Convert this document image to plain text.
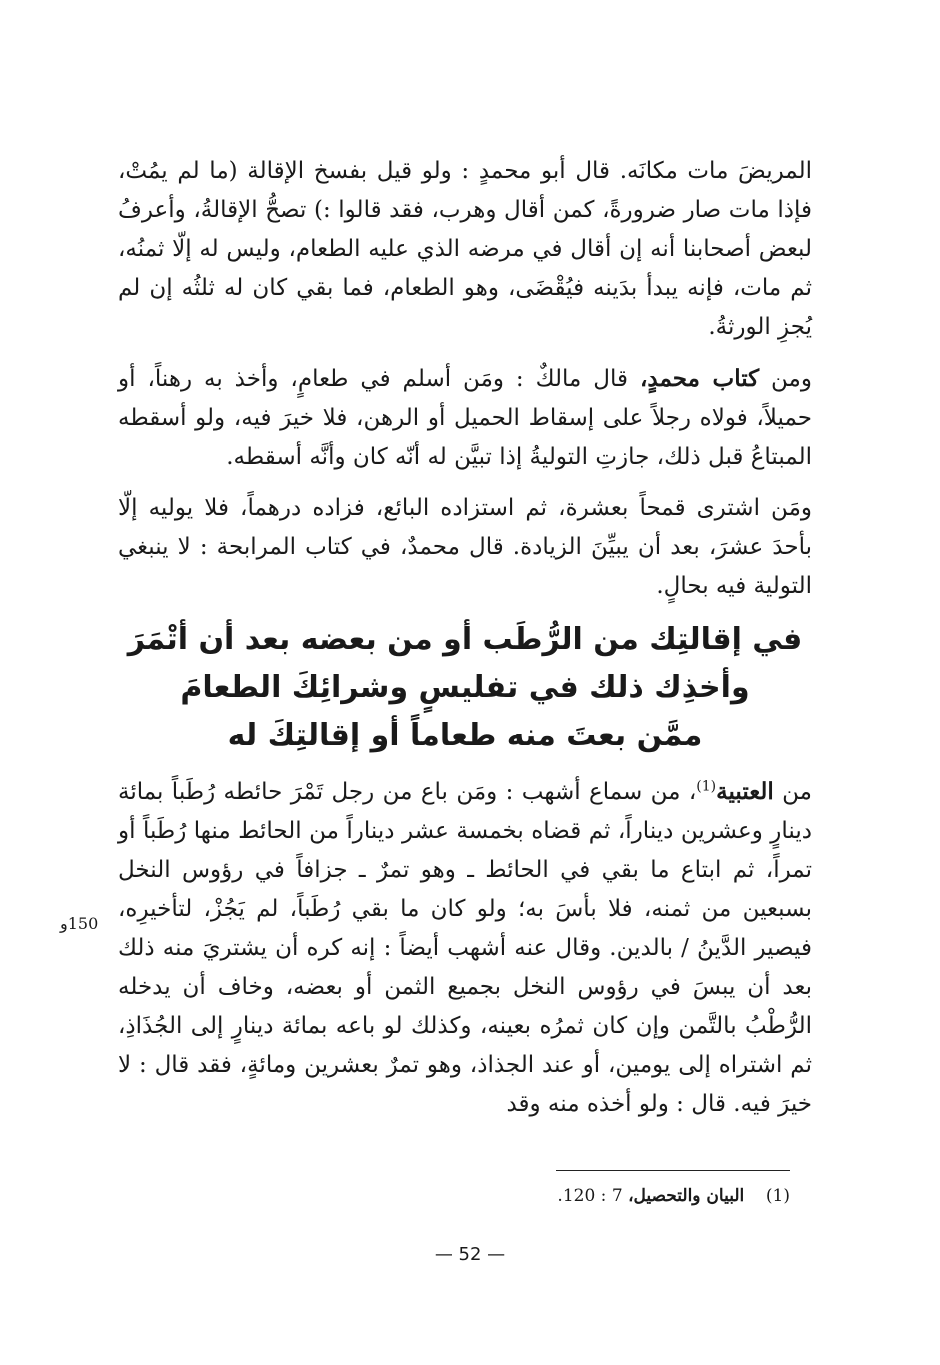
المريضَ مات مكانَه. قال أبو محمدٍ : ولو قيل بفسخ الإقالة (ما لم يمُتْ، فإذا مات صار ضرورةً، كمن أقال وهرب، فقد قالوا :) تصحُّ الإقالةُ، وأعرفُ لبعض أصحابنا أنه إن أقال في مرضه الذي عليه الطعام، وليس له إلّا ثمنُه، ثم مات، فإنه يبدأ بدَينه فيُقْضَى، وهو الطعام، فما بقي كان له ثلثُه إن لم يُجزِ الورثةُ.

ومن كتاب محمدٍ، قال مالكٌ : ومَن أسلم في طعامٍ، وأخذ به رهناً، أو حميلاً، فولاه رجلاً على إسقاط الحميل أو الرهن، فلا خيرَ فيه، ولو أسقطه المبتاعُ قبل ذلك، جازتِ التوليةُ إذا تبيَّن له أنّه كان وأنَّه أسقطه.

ومَن اشترى قمحاً بعشرة، ثم استزاده البائع، فزاده درهماً، فلا يوليه إلّا بأحدَ عشرَ، بعد أن يبيِّنَ الزيادة. قال محمدٌ، في كتاب المرابحة : لا ينبغي التولية فيه بحالٍ.

في إقالتِك من الرُّطَب أو من بعضه بعد أن أتْمَرَ
وأخذِك ذلك في تفليسٍ وشرائِكَ الطعامَ
ممَّن بعتَ منه طعاماً أو إقالتِكَ له

من العتبية$^{(1)}$، من سماع أشهب : ومَن باع من رجل تَمْرَ حائطه رُطَباً بمائة دينارٍ وعشرين ديناراً، ثم قضاه بخمسة عشر ديناراً من الحائط منها رُطَباً أو تمراً، ثم ابتاع ما بقي في الحائط ـ وهو تمرٌ ـ جزافاً في رؤوس النخل بسبعين من ثمنه، فلا بأسَ به؛ ولو كان ما بقي رُطَباً، لم يَجُزْ، لتأخيرِه، فيصير الدَّينُ / بالدين. وقال عنه أشهب أيضاً : إنه كره أن يشتريَ منه ذلك بعد أن يبسَ في رؤوس النخل بجميع الثمن أو بعضه، وخاف أن يدخله الرُّطْبُ بالتَّمن وإن كان ثمرُه بعينه، وكذلك لو باعه بمائة دينارٍ إلى الجُذَاذِ، ثم اشتراه إلى يومين، أو عند الجذاذ، وهو تمرٌ بعشرين ومائةٍ، فقد قال : لا خيرَ فيه. قال : ولو أخذه منه وقد

150و
(1)    البيان والتحصيل، 7 : 120.
— 52 —
